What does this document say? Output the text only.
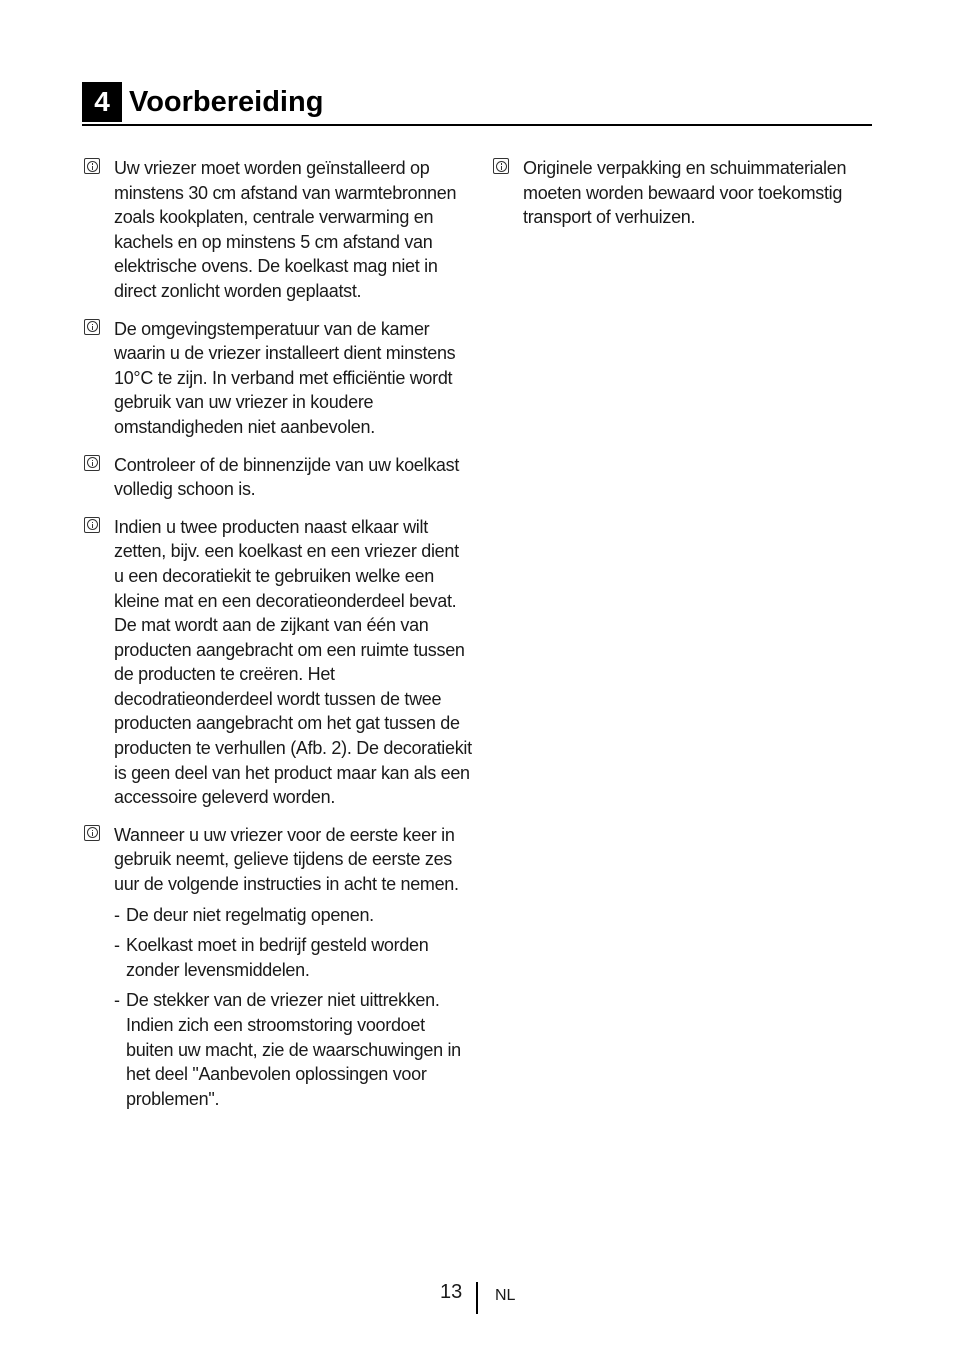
4 Voorbereiding

Uw vriezer moet worden geïnstalleerd op minstens 30 cm afstand van warmtebronnen zoals kookplaten, centrale verwarming en kachels en op minstens 5 cm afstand van elektrische ovens. De koelkast mag niet in direct zonlicht worden geplaatst.

De omgevingstemperatuur van de kamer waarin u de vriezer installeert dient minstens 10°C te zijn. In verband met efficiëntie wordt gebruik van uw vriezer in koudere omstandigheden niet aanbevolen.

Controleer of de binnenzijde van uw koelkast volledig schoon is.

Indien u twee producten naast elkaar wilt zetten, bijv. een koelkast en een vriezer dient u een decoratiekit te gebruiken welke een kleine mat en een decoratieonderdeel bevat. De mat wordt aan de zijkant van één van producten aangebracht om een ruimte tussen de producten te creëren. Het decodratieonderdeel wordt tussen de twee producten aangebracht om het gat tussen de producten te verhullen (Afb. 2). De decoratiekit is geen deel van het product maar kan als een accessoire geleverd worden.

Wanneer u uw vriezer voor de eerste keer in gebruik neemt, gelieve tijdens de eerste zes uur de volgende instructies in acht te nemen.

- De deur niet regelmatig openen.
- Koelkast moet in bedrijf gesteld worden zonder levensmiddelen.
- De stekker van de vriezer niet uittrekken. Indien zich een stroomstoring voordoet buiten uw macht, zie de waarschuwingen in het deel "Aanbevolen oplossingen voor problemen".

Originele verpakking en schuimmaterialen moeten worden bewaard voor toekomstig transport of verhuizen.

13 NL
